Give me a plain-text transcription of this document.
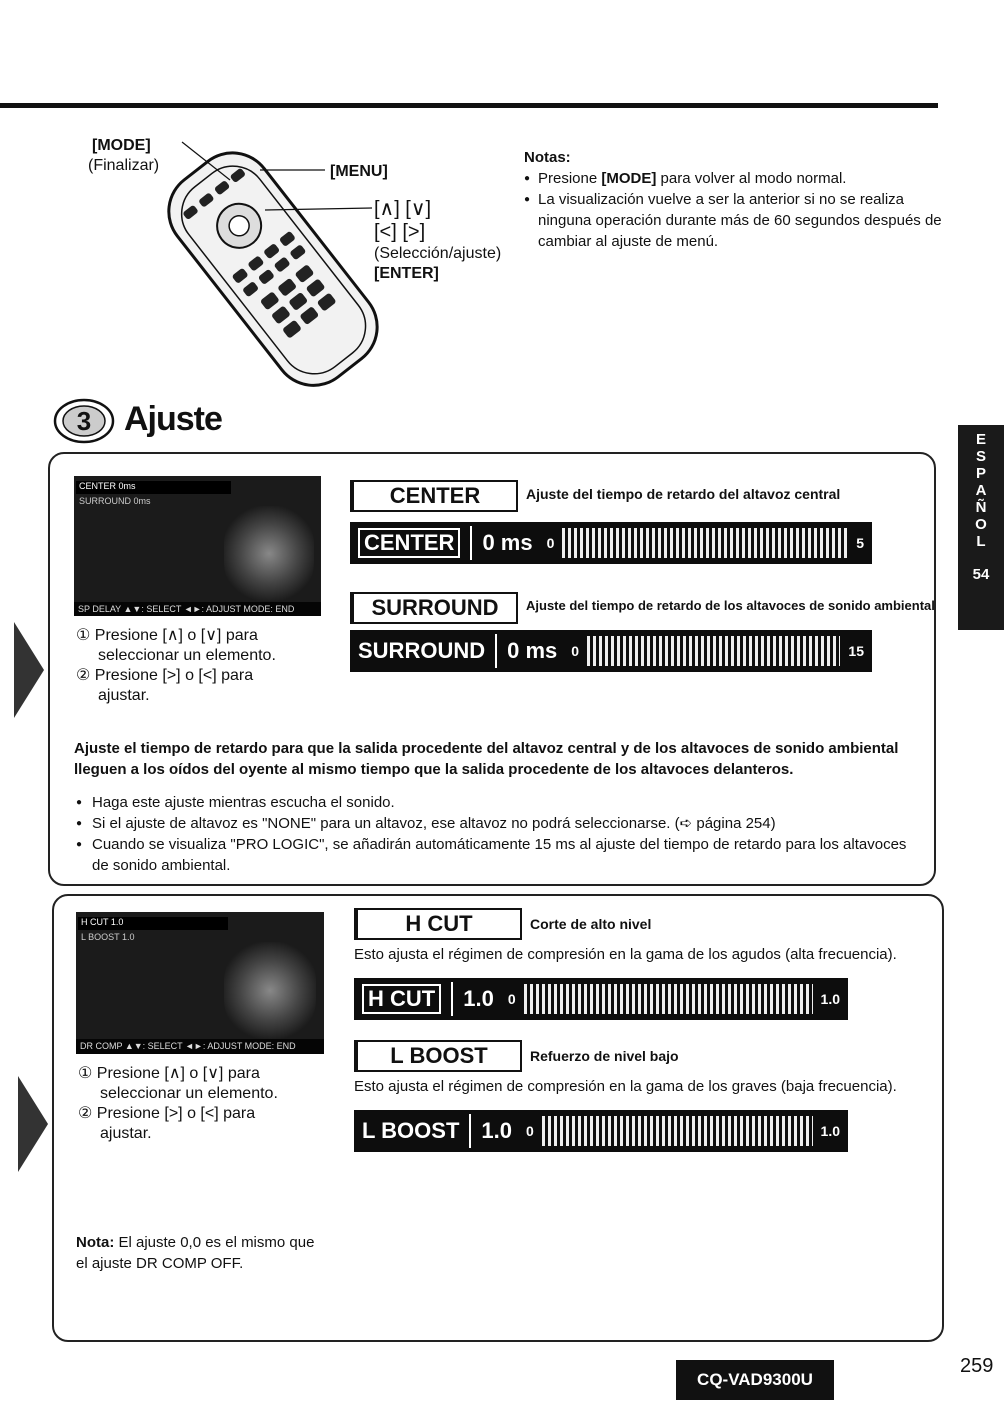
[MODE]
(Finalizar)	[MENU]
[∧] [∨]
[<] [>]
(Selección/ajuste)
[ENTER]
Notas:
● Presione [MODE] para volver al modo normal.
● La visualización vuelve a ser la anterior si no se realiza ninguna operación durante más de 60 segundos después de cambiar al ajuste de menú.
E
S
P
A
Ñ
O
L
54
3 Ajuste
CENTER 0ms
SURROUND 0ms
SP DELAY ▲▼: SELECT ◄►: ADJUST MODE: END
CENTER	Ajuste del tiempo de retardo del altavoz central
CENTER 0 ms 0	5
SURROUND	Ajuste del tiempo de retardo de los altavoces de sonido ambiental
SURROUND 0 ms 0	15
① Presione [∧] o [∨] para
seleccionar un elemento.
② Presione [>] o [<] para
ajustar.
Ajuste el tiempo de retardo para que la salida procedente del altavoz central y de los altavoces de sonido ambiental lleguen a los oídos del oyente al mismo tiempo que la salida procedente de los altavoces delanteros.
● Haga este ajuste mientras escucha el sonido.
● Si el ajuste de altavoz es "NONE" para un altavoz, ese altavoz no podrá seleccionarse. (➪ página 254)
● Cuando se visualiza "PRO LOGIC", se añadirán automáticamente 15 ms al ajuste del tiempo de retardo para los altavoces de sonido ambiental.
H CUT 1.0
L BOOST 1.0
DR COMP ▲▼: SELECT ◄►: ADJUST MODE: END
H CUT	Corte de alto nivel
Esto ajusta el régimen de compresión en la gama de los agudos (alta frecuencia).
H CUT 1.0 0	1.0
L BOOST	Refuerzo de nivel bajo
Esto ajusta el régimen de compresión en la gama de los graves (baja frecuencia).
L BOOST 1.0 0	1.0
① Presione [∧] o [∨] para
seleccionar un elemento.
② Presione [>] o [<] para
ajustar.
Nota: El ajuste 0,0 es el mismo que el ajuste DR COMP OFF.
CQ-VAD9300U
259
